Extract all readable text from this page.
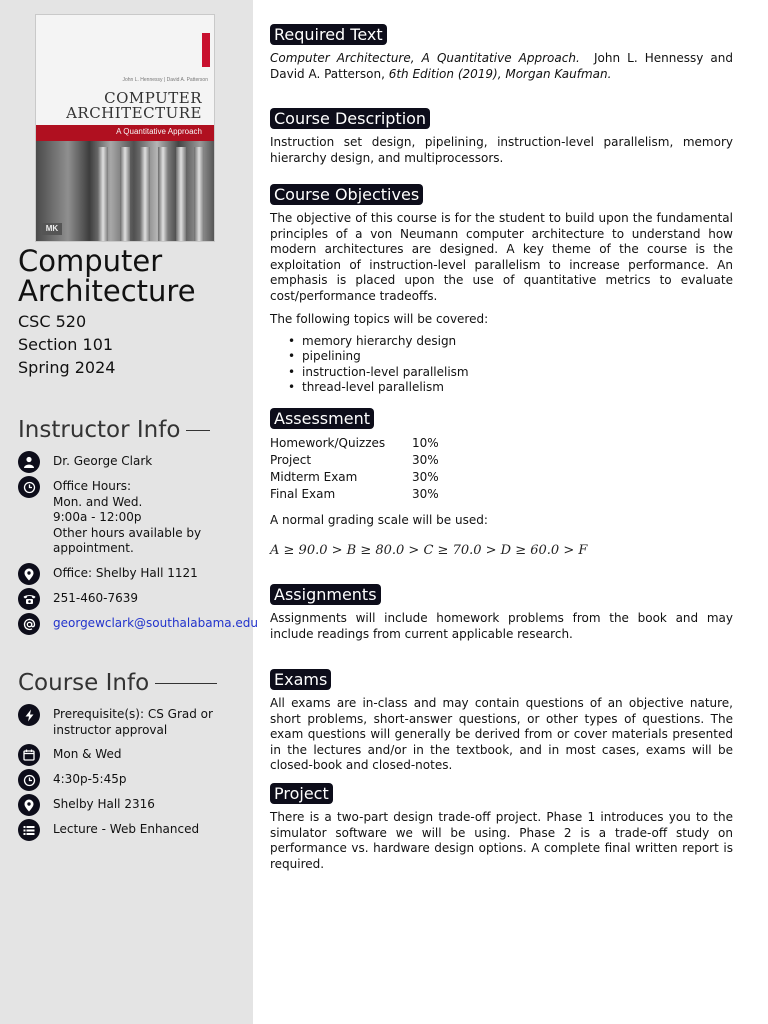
John L. Hennessy | David A. Patterson
COMPUTER
ARCHITECTURE
A Quantitative Approach
MK
Computer
Architecture
CSC 520
Section 101
Spring 2024
Instructor Info
Dr. George Clark
Office Hours:
Mon. and Wed.
9:00a - 12:00p
Other hours available by
appointment.
Office: Shelby Hall 1121
251-460-7639
georgewclark@southalabama.edu
Course Info
Prerequisite(s): CS Grad or
instructor approval
Mon & Wed
4:30p-5:45p
Shelby Hall 2316
Lecture - Web Enhanced
Required Text

Computer Architecture, A Quantitative Approach. John L. Hennessy and David A. Patterson, 6th Edition (2019), Morgan Kaufman.

Course Description

Instruction set design, pipelining, instruction-level parallelism, memory hierarchy design, and multiprocessors.

Course Objectives

The objective of this course is for the student to build upon the fundamental principles of a von Neumann computer architecture to understand how modern architectures are designed. A key theme of the course is the exploitation of instruction-level parallelism to increase performance. An emphasis is placed upon the use of quantitative metrics to evaluate cost/performance tradeoffs.

The following topics will be covered:

• memory hierarchy design
• pipelining
• instruction-level parallelism
• thread-level parallelism
Assessment
Homework/Quizzes	10%
Project	30%
Midterm Exam	30%
Final Exam	30%

A normal grading scale will be used:

A ≥ 90.0 > B ≥ 80.0 > C ≥ 70.0 > D ≥ 60.0 > F
Assignments

Assignments will include homework problems from the book and may include readings from current applicable research.

Exams

All exams are in-class and may contain questions of an objective nature, short problems, short-answer questions, or other types of questions. The exam questions will generally be derived from or cover materials presented in the lectures and/or in the textbook, and in most cases, exams will be closed-book and closed-notes.

Project

There is a two-part design trade-off project. Phase 1 introduces you to the simulator software we will be using. Phase 2 is a trade-off study on performance vs. hardware design options. A complete final written report is required.
